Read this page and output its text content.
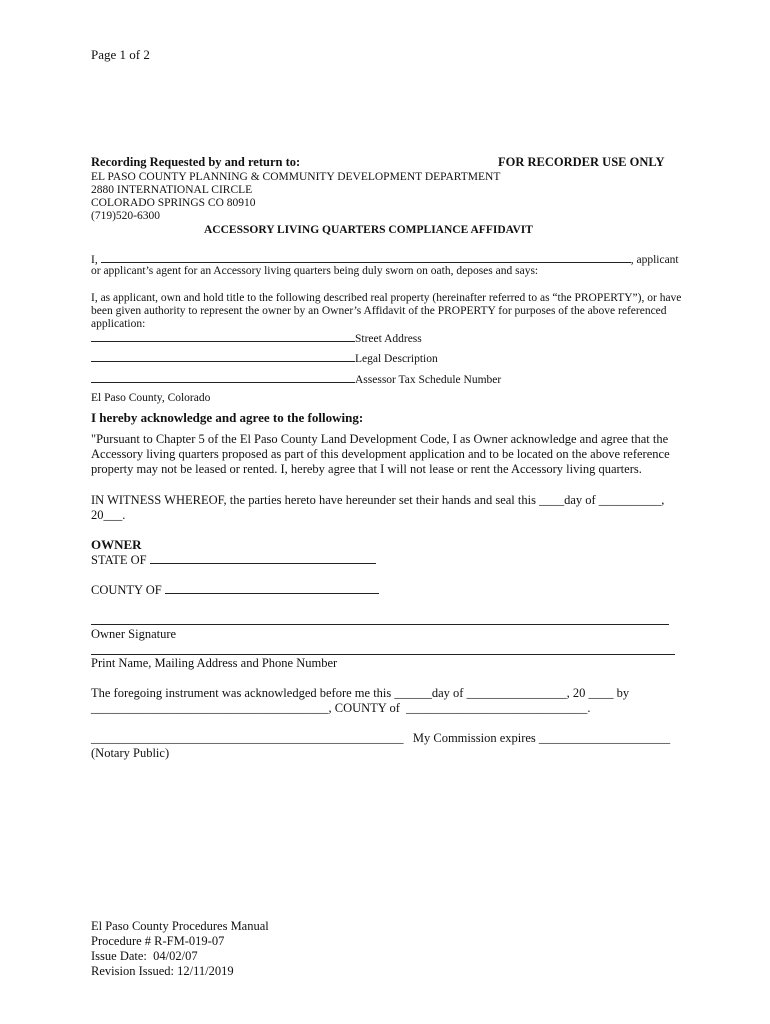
Page 1 of 2
Recording Requested by and return to:	FOR RECORDER USE ONLY
EL PASO COUNTY PLANNING & COMMUNITY DEVELOPMENT DEPARTMENT
2880 INTERNATIONAL CIRCLE
COLORADO SPRINGS CO 80910
(719)520-6300
ACCESSORY LIVING QUARTERS COMPLIANCE AFFIDAVIT
I,	, applicant
or applicant’s agent for an Accessory living quarters being duly sworn on oath, deposes and says:
I, as applicant, own and hold title to the following described real property (hereinafter referred to as “the PROPERTY”), or have
been given authority to represent the owner by an Owner’s Affidavit of the PROPERTY for purposes of the above referenced
application:
Street Address
Legal Description
Assessor Tax Schedule Number
El Paso County, Colorado
I hereby acknowledge and agree to the following:
"Pursuant to Chapter 5 of the El Paso County Land Development Code, I as Owner acknowledge and agree that the
Accessory living quarters proposed as part of this development application and to be located on the above reference
property may not be leased or rented. I, hereby agree that I will not lease or rent the Accessory living quarters.
IN WITNESS WHEREOF, the parties hereto have hereunder set their hands and seal this ____day of __________,
20___.
OWNER
STATE OF
COUNTY OF
Owner Signature
Print Name, Mailing Address and Phone Number
The foregoing instrument was acknowledged before me this ______day of ________________, 20 ____ by
______________________________________, COUNTY of  _____________________________.
__________________________________________________   My Commission expires _____________________
(Notary Public)
El Paso County Procedures Manual
Procedure # R-FM-019-07
Issue Date:  04/02/07
Revision Issued: 12/11/2019
